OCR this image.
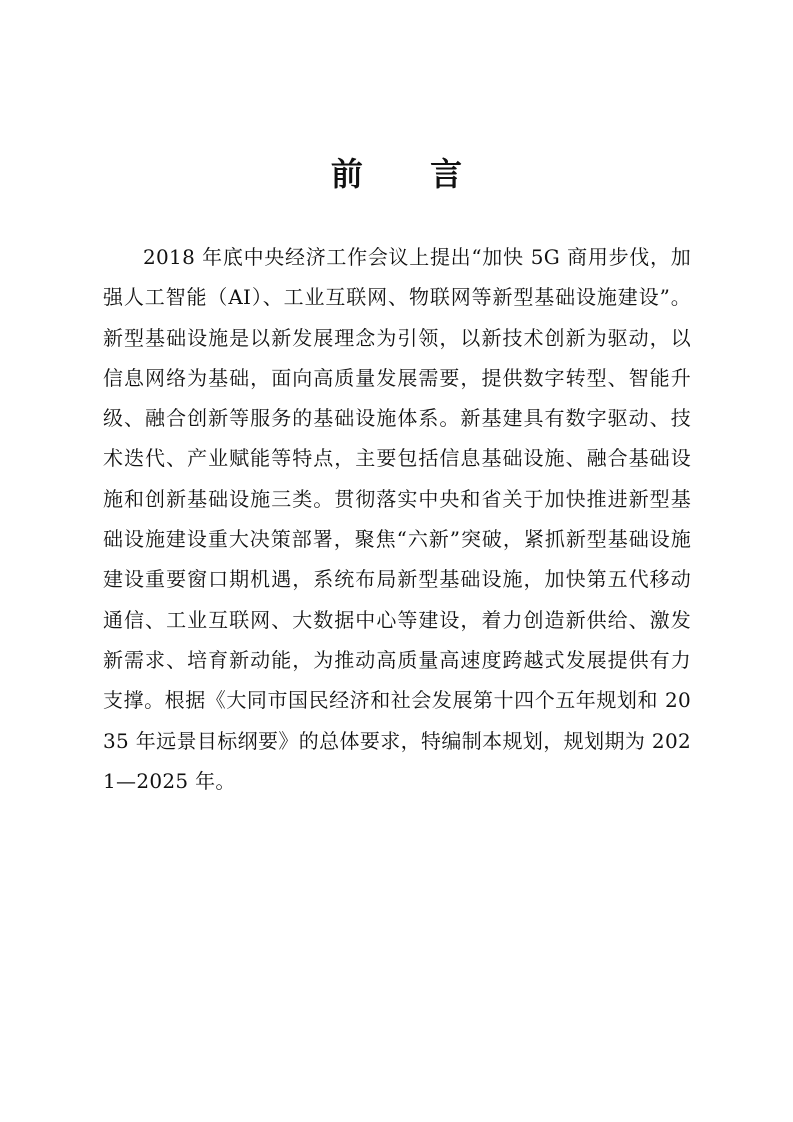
前 言

2018 年底中央经济工作会议上提出“加快 5G 商用步伐，加强人工智能（AI）、工业互联网、物联网等新型基础设施建设”。新型基础设施是以新发展理念为引领，以新技术创新为驱动，以信息网络为基础，面向高质量发展需要，提供数字转型、智能升级、融合创新等服务的基础设施体系。新基建具有数字驱动、技术迭代、产业赋能等特点，主要包括信息基础设施、融合基础设施和创新基础设施三类。贯彻落实中央和省关于加快推进新型基础设施建设重大决策部署，聚焦“六新”突破，紧抓新型基础设施建设重要窗口期机遇，系统布局新型基础设施，加快第五代移动通信、工业互联网、大数据中心等建设，着力创造新供给、激发新需求、培育新动能，为推动高质量高速度跨越式发展提供有力支撑。根据《大同市国民经济和社会发展第十四个五年规划和 2035 年远景目标纲要》的总体要求，特编制本规划，规划期为 2021—2025 年。
